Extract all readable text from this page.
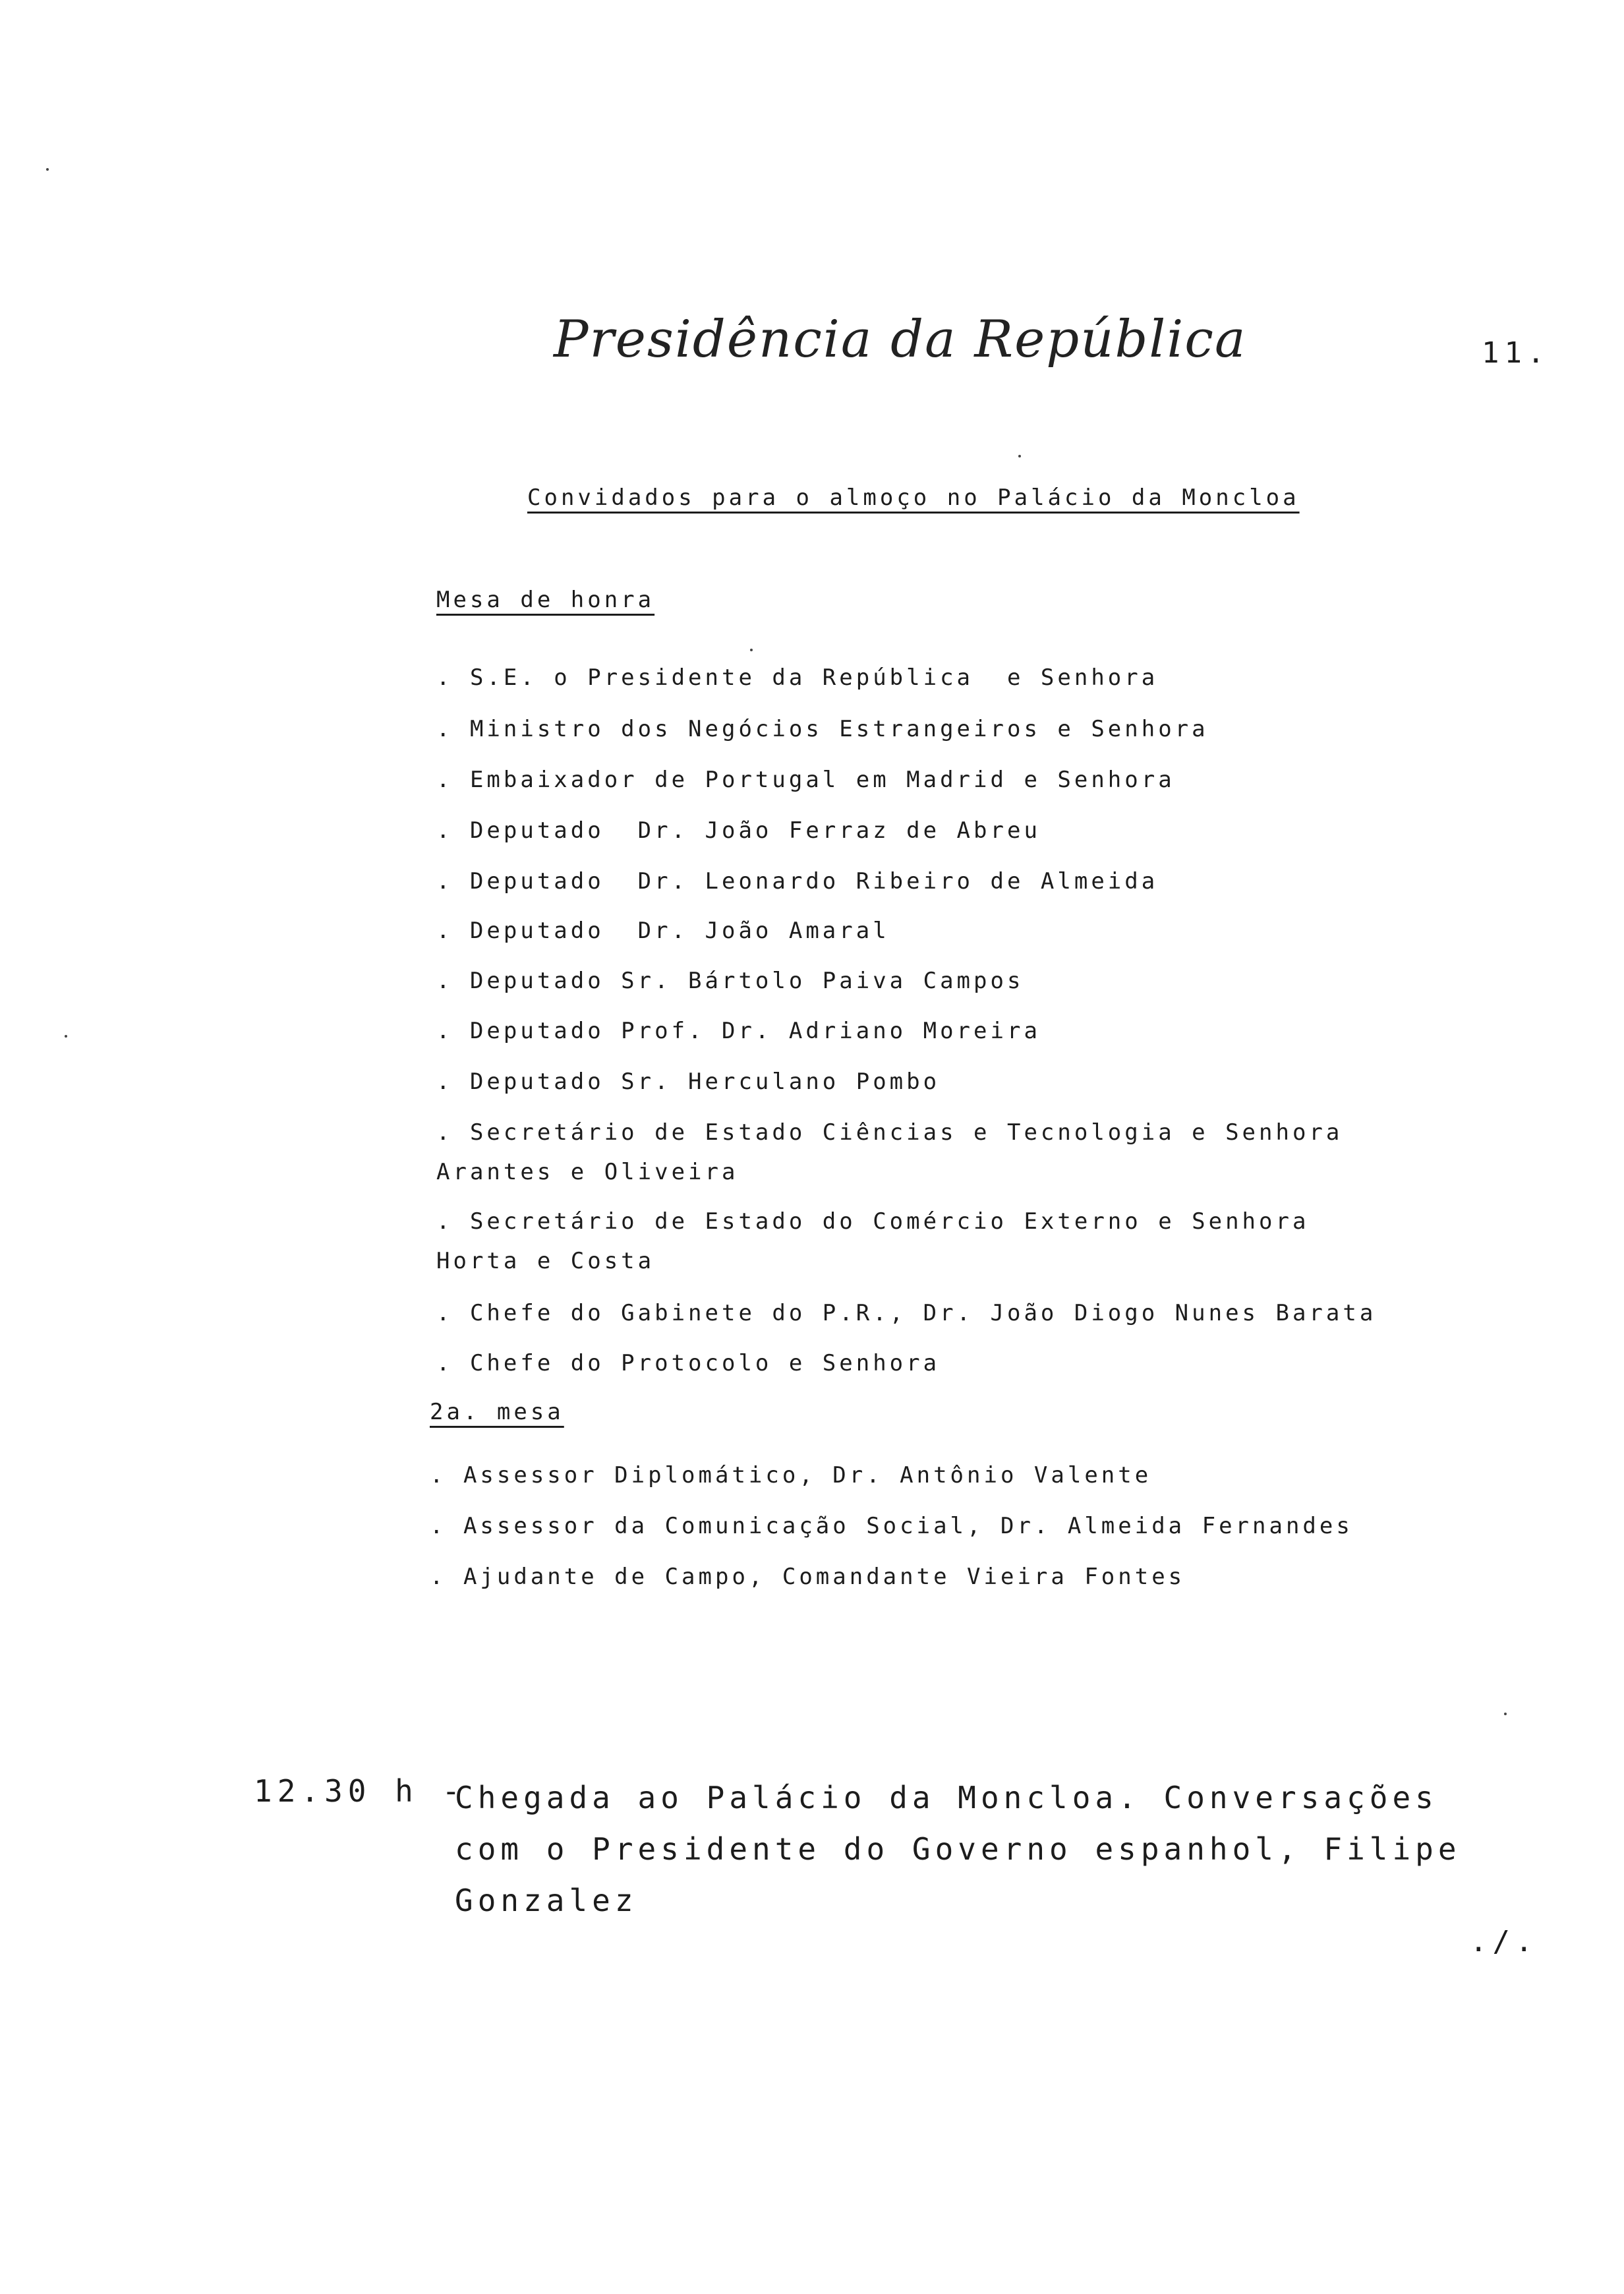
Presidência da República	11.
Convidados para o almoço no Palácio da Moncloa
Mesa de honra
. S.E. o Presidente da República  e Senhora
. Ministro dos Negócios Estrangeiros e Senhora
. Embaixador de Portugal em Madrid e Senhora
. Deputado  Dr. João Ferraz de Abreu
. Deputado  Dr. Leonardo Ribeiro de Almeida
. Deputado  Dr. João Amaral
. Deputado Sr. Bártolo Paiva Campos
. Deputado Prof. Dr. Adriano Moreira
. Deputado Sr. Herculano Pombo
. Secretário de Estado Ciências e Tecnologia e Senhora Arantes e Oliveira
. Secretário de Estado do Comércio Externo e Senhora Horta e Costa
. Chefe do Gabinete do P.R., Dr. João Diogo Nunes Barata
. Chefe do Protocolo e Senhora
2a. mesa
. Assessor Diplomático, Dr. Antônio Valente
. Assessor da Comunicação Social, Dr. Almeida Fernandes
. Ajudante de Campo, Comandante Vieira Fontes
12.30 h -
Chegada ao Palácio da Moncloa. Conversações com o Presidente do Governo espanhol, Filipe Gonzalez
./.
